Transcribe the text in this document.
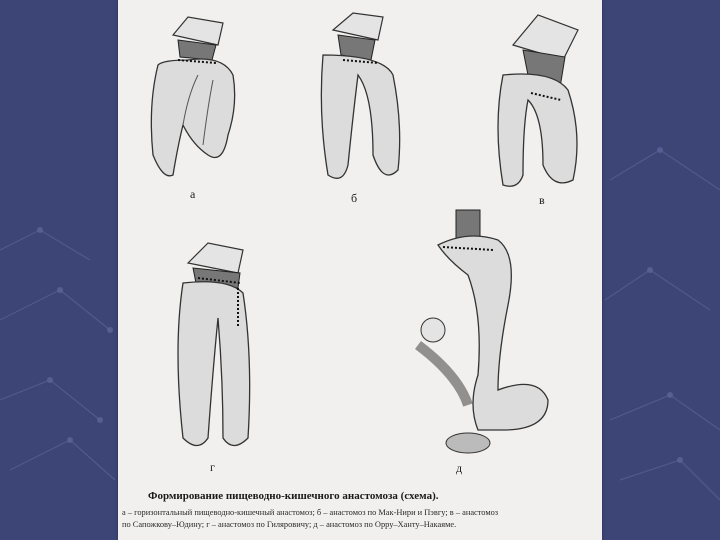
а	б	в
г	д
Формирование пищеводно-кишечного анастомоза (схема).
а – горизонтальный пищеводно-кишечный анастомоз; б – анастомоз по Мак-Нири и Пэвгу; в – анастомоз
по Сапожкову–Юдину; г – анастомоз по Гиляровичу; д – анастомоз по Орру–Ханту–Накаяме.
